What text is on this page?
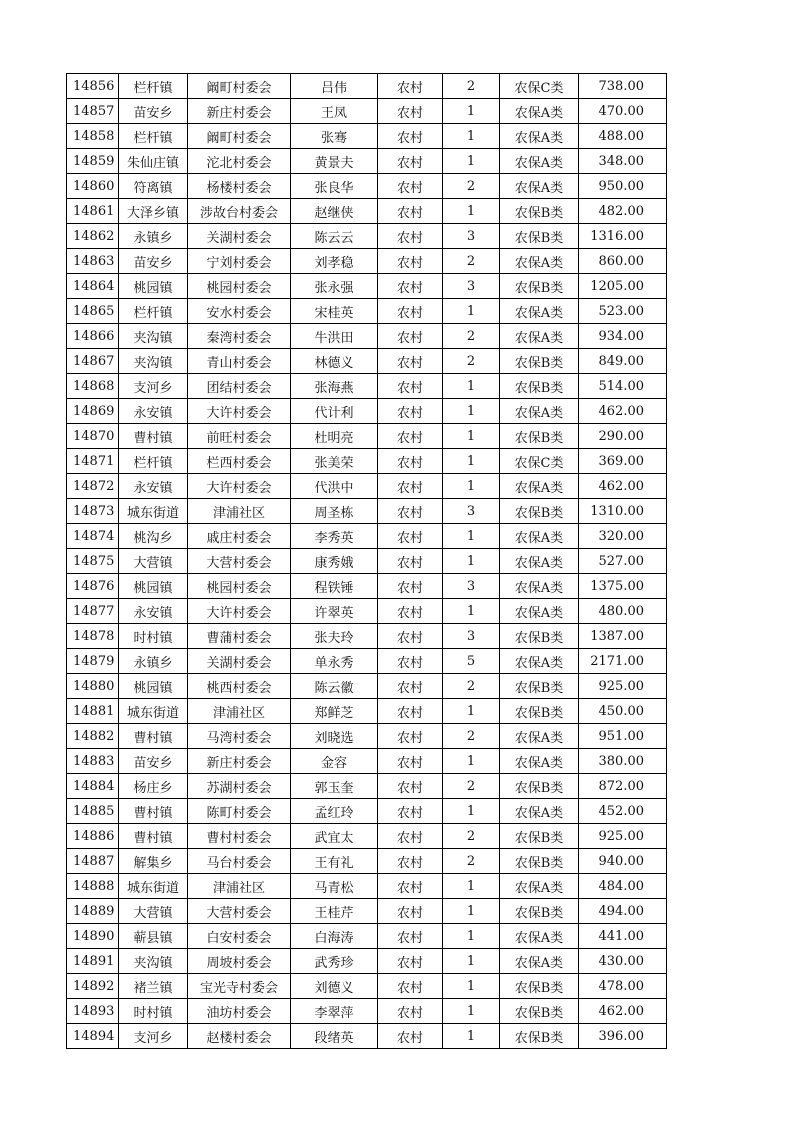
14856	栏杆镇	阚町村委会	吕伟	农村	2	农保C类	738.00
14857	苗安乡	新庄村委会	王凤	农村	1	农保A类	470.00
14858	栏杆镇	阚町村委会	张骞	农村	1	农保A类	488.00
14859	朱仙庄镇	沱北村委会	黄景夫	农村	1	农保A类	348.00
14860	符离镇	杨楼村委会	张良华	农村	2	农保A类	950.00
14861	大泽乡镇	涉故台村委会	赵继侠	农村	1	农保B类	482.00
14862	永镇乡	关湖村委会	陈云云	农村	3	农保B类	1316.00
14863	苗安乡	宁刘村委会	刘孝稳	农村	2	农保A类	860.00
14864	桃园镇	桃园村委会	张永强	农村	3	农保B类	1205.00
14865	栏杆镇	安水村委会	宋桂英	农村	1	农保A类	523.00
14866	夹沟镇	秦湾村委会	牛洪田	农村	2	农保A类	934.00
14867	夹沟镇	青山村委会	林德义	农村	2	农保B类	849.00
14868	支河乡	团结村委会	张海燕	农村	1	农保B类	514.00
14869	永安镇	大许村委会	代计利	农村	1	农保A类	462.00
14870	曹村镇	前旺村委会	杜明亮	农村	1	农保B类	290.00
14871	栏杆镇	栏西村委会	张美荣	农村	1	农保C类	369.00
14872	永安镇	大许村委会	代洪中	农村	1	农保A类	462.00
14873	城东街道	津浦社区	周圣栋	农村	3	农保B类	1310.00
14874	桃沟乡	戚庄村委会	李秀英	农村	1	农保A类	320.00
14875	大营镇	大营村委会	康秀娥	农村	1	农保A类	527.00
14876	桃园镇	桃园村委会	程铁锤	农村	3	农保A类	1375.00
14877	永安镇	大许村委会	许翠英	农村	1	农保A类	480.00
14878	时村镇	曹蒲村委会	张夫玲	农村	3	农保B类	1387.00
14879	永镇乡	关湖村委会	单永秀	农村	5	农保A类	2171.00
14880	桃园镇	桃西村委会	陈云徽	农村	2	农保B类	925.00
14881	城东街道	津浦社区	郑鲜芝	农村	1	农保B类	450.00
14882	曹村镇	马湾村委会	刘晓选	农村	2	农保A类	951.00
14883	苗安乡	新庄村委会	金容	农村	1	农保A类	380.00
14884	杨庄乡	苏湖村委会	郭玉奎	农村	2	农保B类	872.00
14885	曹村镇	陈町村委会	孟红玲	农村	1	农保A类	452.00
14886	曹村镇	曹村村委会	武宜太	农村	2	农保B类	925.00
14887	解集乡	马台村委会	王有礼	农村	2	农保B类	940.00
14888	城东街道	津浦社区	马青松	农村	1	农保A类	484.00
14889	大营镇	大营村委会	王桂芹	农村	1	农保B类	494.00
14890	蕲县镇	白安村委会	白海涛	农村	1	农保A类	441.00
14891	夹沟镇	周坡村委会	武秀珍	农村	1	农保A类	430.00
14892	褚兰镇	宝光寺村委会	刘德义	农村	1	农保B类	478.00
14893	时村镇	油坊村委会	李翠萍	农村	1	农保B类	462.00
14894	支河乡	赵楼村委会	段绪英	农村	1	农保B类	396.00
